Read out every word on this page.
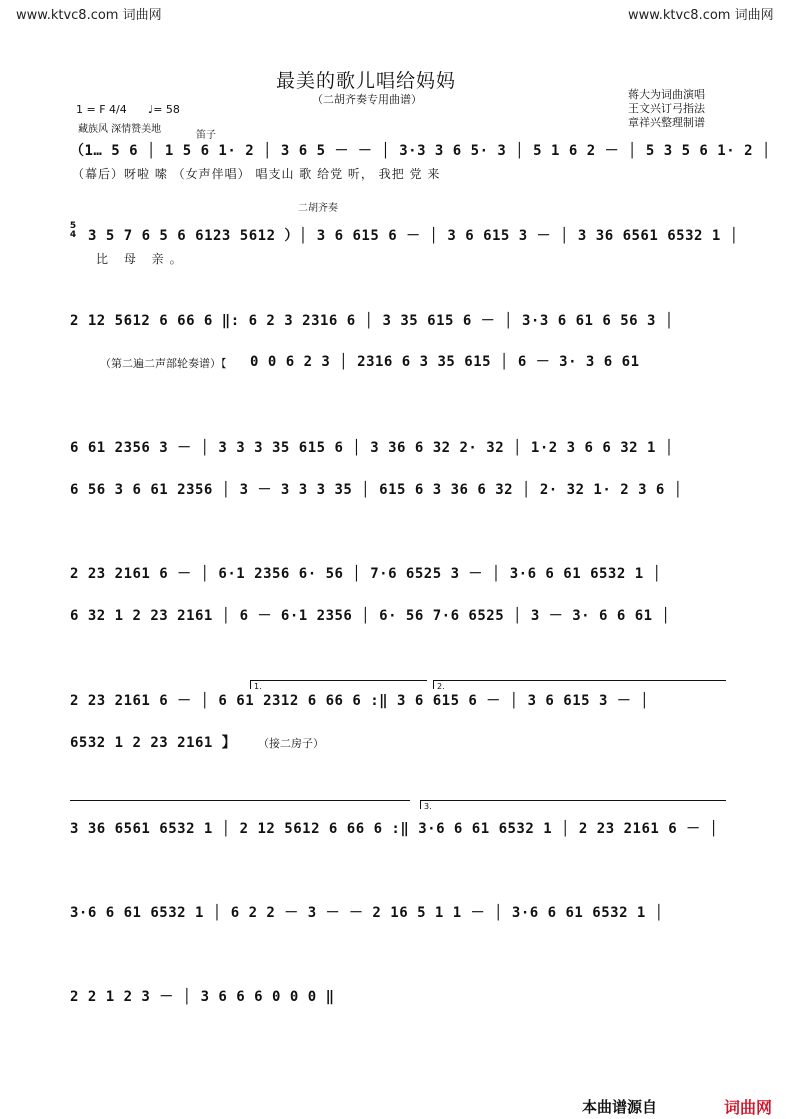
www.ktvc8.com 词曲网	www.ktvc8.com 词曲网
最美的歌儿唱给妈妈
（二胡齐奏专用曲谱）	蒋大为词曲演唱
王文兴订弓指法
章祥兴整理制谱
1 = F 4/4 ♩= 58
藏族风 深情赞美地
笛子
二胡齐奏
（1… 5 6 │ 1 5 6 1· 2 │ 3 6 5 － － │ 3·3 3 6 5· 3 │ 5 1 6 2 － │ 5 3 5 6 1· 2 │
（幕后）呀啦 嗦 （女声伴唱） 唱支山 歌 给党 听， 我把 党 来
5
4 3 5 7 6 5 6 6123 5612 ）│ 3 6 615 6 － │ 3 6 615 3 － │ 3 36 6561 6532 1 │
比 母 亲。
2 12 5612 6 66 6 ‖: 6 2 3 2316 6 │ 3 35 615 6 － │ 3·3 6 61 6 56 3 │
（第二遍二声部轮奏谱）【 0 0 6 2 3 │ 2316 6 3 35 615 │ 6 － 3· 3 6 61
6 61 2356 3 － │ 3 3 3 35 615 6 │ 3 36 6 32 2· 32 │ 1·2 3 6 6 32 1 │
6 56 3 6 61 2356 │ 3 － 3 3 3 35 │ 615 6 3 36 6 32 │ 2· 32 1· 2 3 6 │
2 23 2161 6 － │ 6·1 2356 6· 56 │ 7·6 6525 3 － │ 3·6 6 61 6532 1 │
6 32 1 2 23 2161 │ 6 － 6·1 2356 │ 6· 56 7·6 6525 │ 3 － 3· 6 6 61 │
1.	2.
2 23 2161 6 － │ 6 61 2312 6 66 6 :‖ 3 6 615 6 － │ 3 6 615 3 － │
6532 1 2 23 2161 】 （接二房子）
3.
3 36 6561 6532 1 │ 2 12 5612 6 66 6 :‖ 3·6 6 61 6532 1 │ 2 23 2161 6 － │
3·6 6 61 6532 1 │ 6 2 2 － 3 － － 2 16 5 1 1 － │ 3·6 6 61 6532 1 │
2 2 1 2 3 － │ 3 6 6 6 0 0 0 ‖
本曲谱源自	词曲网
